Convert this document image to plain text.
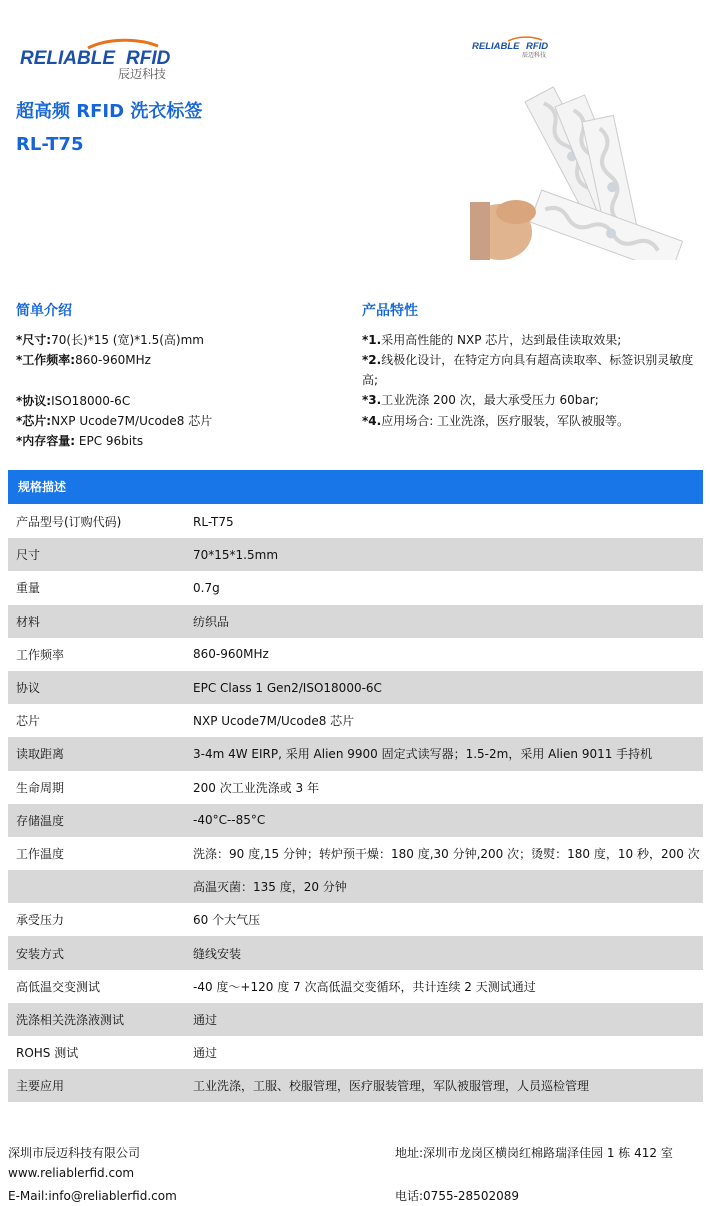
RELIABLE RFID
辰迈科技
RELIABLE RFID
辰迈科技
超高频 RFID 洗衣标签
RL-T75
简单介绍
*尺寸:70(长)*15 (宽)*1.5(高)mm
*工作频率:860-960MHz
*协议:ISO18000-6C
*芯片:NXP Ucode7M/Ucode8 芯片
*内存容量: EPC 96bits
产品特性
*1.采用高性能的 NXP 芯片，达到最佳读取效果;
*2.线极化设计，在特定方向具有超高读取率、标签识别灵敏度高;
*3.工业洗涤 200 次，最大承受压力 60bar;
*4.应用场合: 工业洗涤，医疗服装，军队被服等。
规格描述
产品型号(订购代码)	RL-T75
尺寸	70*15*1.5mm
重量	0.7g
材料	纺织品
工作频率	860-960MHz
协议	EPC Class 1 Gen2/ISO18000-6C
芯片	NXP Ucode7M/Ucode8 芯片
读取距离	3-4m 4W EIRP, 采用 Alien 9900 固定式读写器；1.5-2m，采用 Alien 9011 手持机
生命周期	200 次工业洗涤或 3 年
存储温度	-40°C--85°C
工作温度	洗涤：90 度,15 分钟；转炉预干燥：180 度,30 分钟,200 次；烫熨：180 度，10 秒，200 次
高温灭菌：135 度，20 分钟
承受压力	60 个大气压
安装方式	缝线安装
高低温交变测试	-40 度～+120 度 7 次高低温交变循环，共计连续 2 天测试通过
洗涤相关洗涤液测试	通过
ROHS 测试	通过
主要应用	工业洗涤，工服、校服管理，医疗服装管理，军队被服管理，人员巡检管理
深圳市辰迈科技有限公司
www.reliablerfid.com
E-Mail:info@reliablerfid.com
地址:深圳市龙岗区横岗红棉路瑞泽佳园 1 栋 412 室
电话:0755-28502089
